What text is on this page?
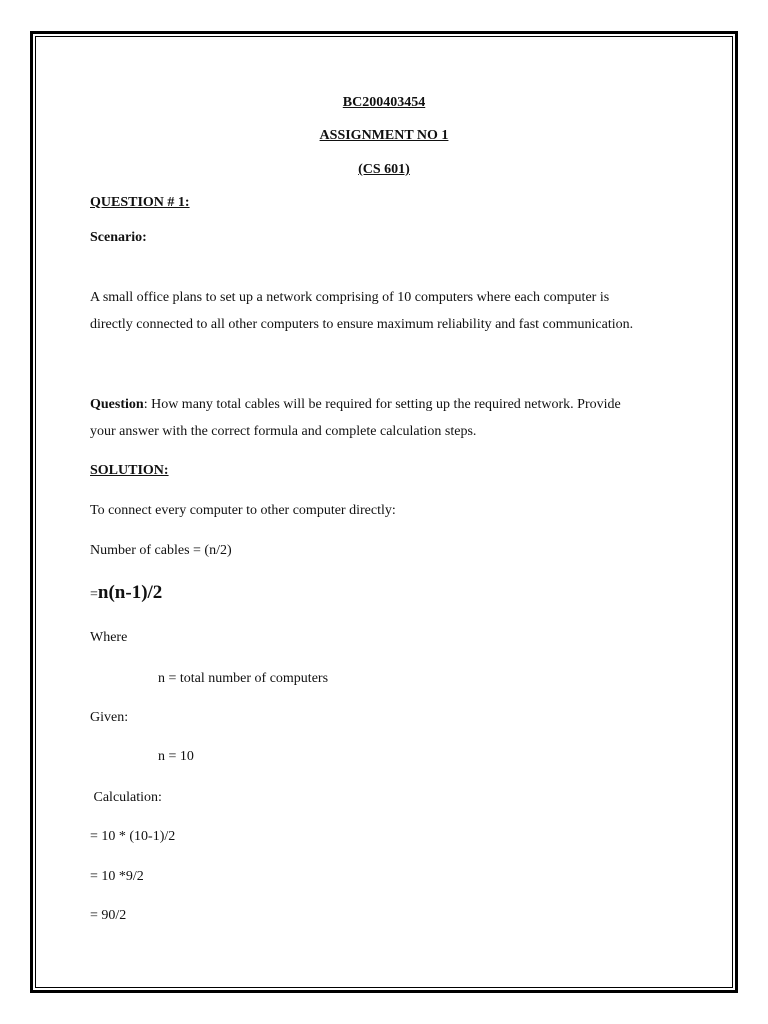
BC200403454
ASSIGNMENT NO 1
(CS 601)
QUESTION # 1:
Scenario:
A small office plans to set up a network comprising of 10 computers where each computer is
directly connected to all other computers to ensure maximum reliability and fast communication.
Question: How many total cables will be required for setting up the required network. Provide
your answer with the correct formula and complete calculation steps.
SOLUTION:
To connect every computer to other computer directly:
Number of cables = (n/2)
=n(n-1)/2
Where
n = total number of computers
Given:
n = 10
Calculation:
= 10 * (10-1)/2
= 10 *9/2
= 90/2
